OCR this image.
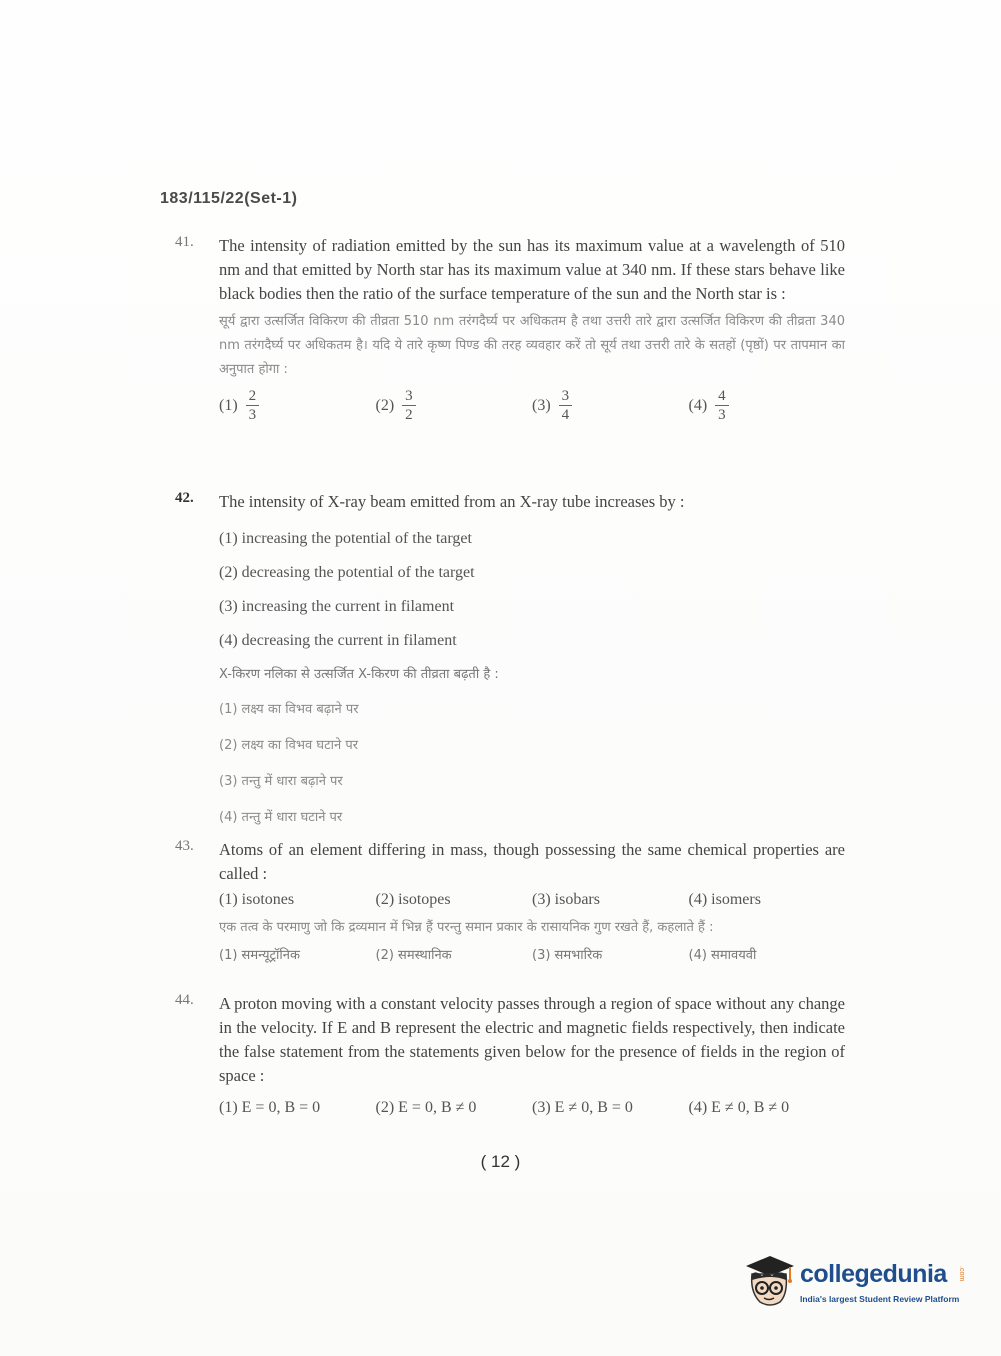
183/115/22(Set-1)
41.	The intensity of radiation emitted by the sun has its maximum value at a wavelength of 510 nm and that emitted by North star has its maximum value at 340 nm. If these stars behave like black bodies then the ratio of the surface temperature of the sun and the North star is :
सूर्य द्वारा उत्सर्जित विकिरण की तीव्रता 510 nm तरंगदैर्घ्य पर अधिकतम है तथा उत्तरी तारे द्वारा उत्सर्जित विकिरण की तीव्रता 340 nm तरंगदैर्घ्य पर अधिकतम है। यदि ये तारे कृष्ण पिण्ड की तरह व्यवहार करें तो सूर्य तथा उत्तरी तारे के सतहों (पृष्ठों) पर तापमान का अनुपात होगा :
$(1) \frac{2}{3}$	$(2) \frac{3}{2}$	$(3) \frac{3}{4}$	$(4) \frac{4}{3}$
42.	The intensity of X-ray beam emitted from an X-ray tube increases by :
(1) increasing the potential of the target
(2) decreasing the potential of the target
(3) increasing the current in filament
(4) decreasing the current in filament
X-किरण नलिका से उत्सर्जित X-किरण की तीव्रता बढ़ती है :
(1) लक्ष्य का विभव बढ़ाने पर
(2) लक्ष्य का विभव घटाने पर
(3) तन्तु में धारा बढ़ाने पर
(4) तन्तु में धारा घटाने पर
43.	Atoms of an element differing in mass, though possessing the same chemical properties are called :
(1) isotones	(2) isotopes	(3) isobars	(4) isomers
एक तत्व के परमाणु जो कि द्रव्यमान में भिन्न हैं परन्तु समान प्रकार के रासायनिक गुण रखते हैं, कहलाते हैं :
(1) समन्यूट्रॉनिक	(2) समस्थानिक	(3) समभारिक	(4) समावयवी
44.	A proton moving with a constant velocity passes through a region of space without any change in the velocity. If E and B represent the electric and magnetic fields respectively, then indicate the false statement from the statements given below for the presence of fields in the region of space :
(1) E = 0, B = 0	(2) E = 0, B ≠ 0	(3) E ≠ 0, B = 0	(4) E ≠ 0, B ≠ 0
( 12 )
collegedunia .com
India's largest Student Review Platform
